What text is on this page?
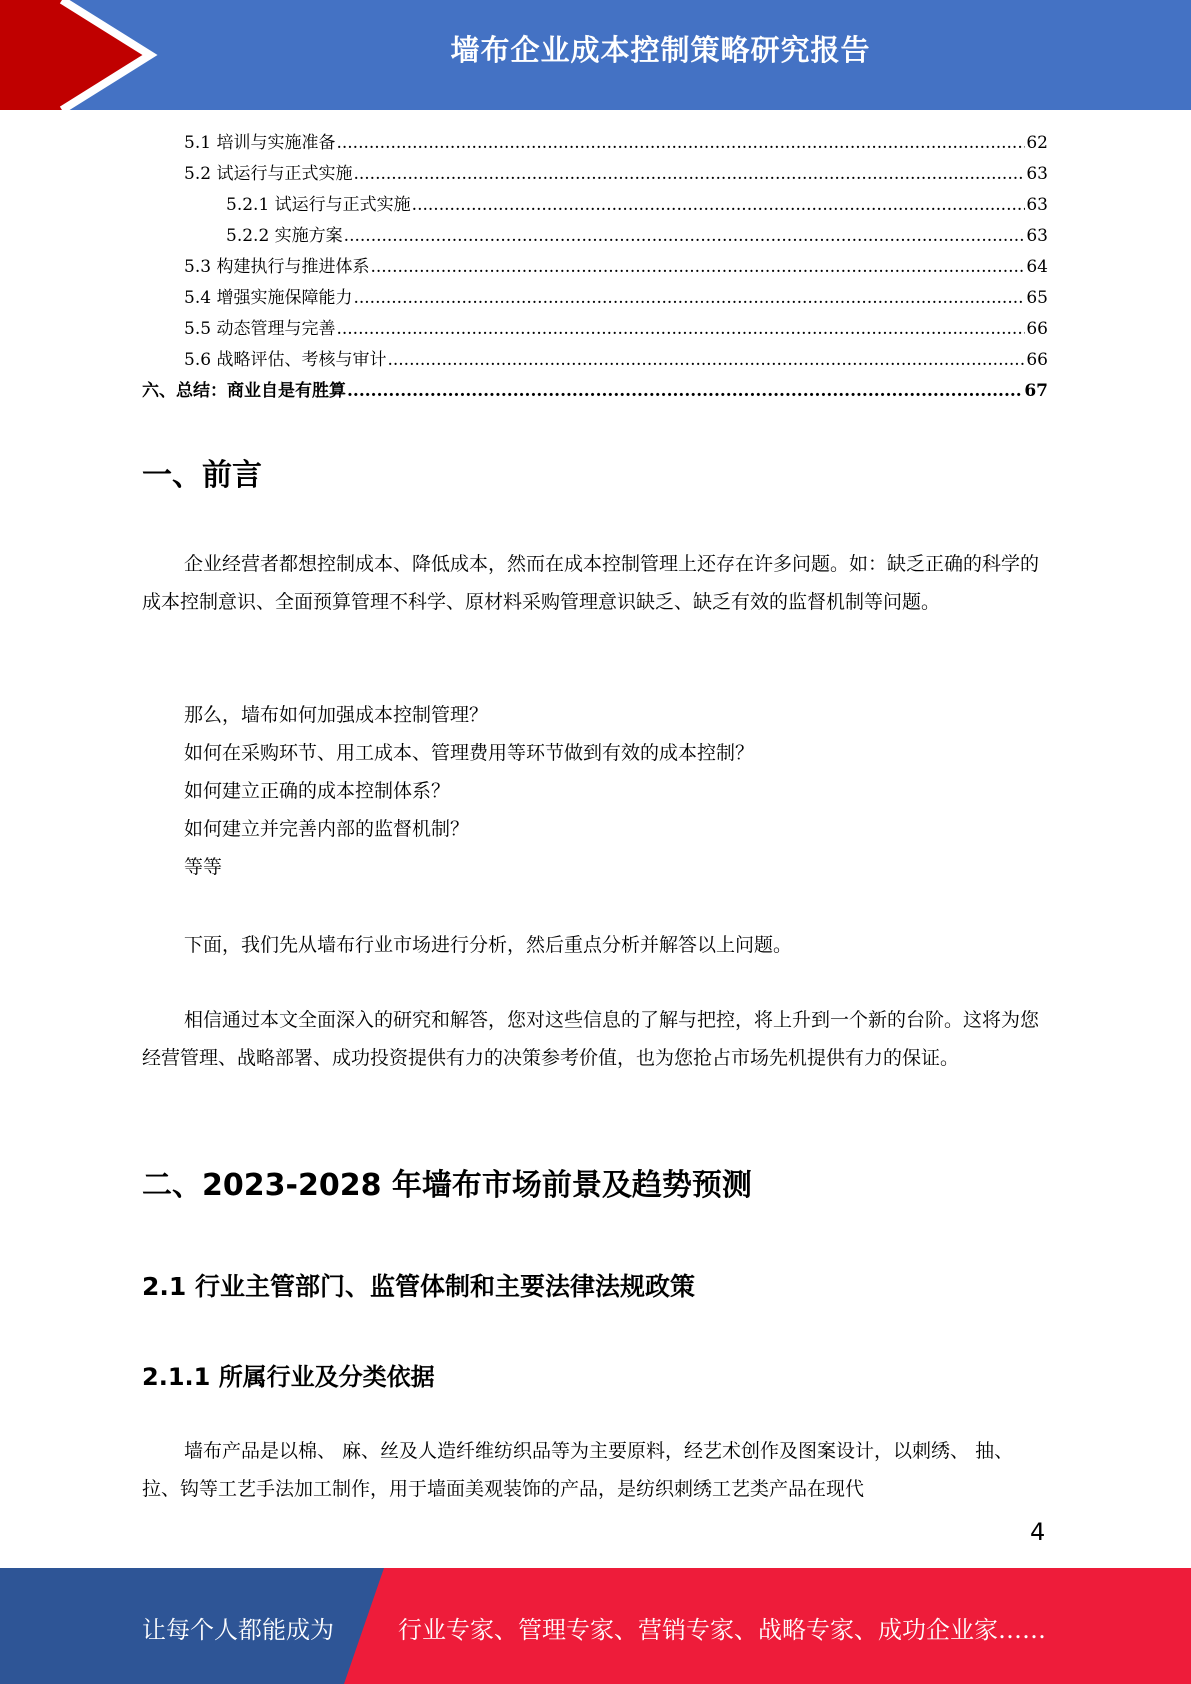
墙布企业成本控制策略研究报告
5.1 培训与实施准备 .....	62
5.2 试运行与正式实施 .....	63
5.2.1 试运行与正式实施 .....	63
5.2.2 实施方案 .....	63
5.3 构建执行与推进体系 .....	64
5.4 增强实施保障能力 .....	65
5.5 动态管理与完善 .....	66
5.6 战略评估、考核与审计 .....	66
六、总结：商业自是有胜算 .....	67
一、前言

企业经营者都想控制成本、降低成本，然而在成本控制管理上还存在许多问题。如：缺乏正确的科学的成本控制意识、全面预算管理不科学、原材料采购管理意识缺乏、缺乏有效的监督机制等问题。

那么，墙布如何加强成本控制管理？
如何在采购环节、用工成本、管理费用等环节做到有效的成本控制？
如何建立正确的成本控制体系？
如何建立并完善内部的监督机制？
等等

下面，我们先从墙布行业市场进行分析，然后重点分析并解答以上问题。

相信通过本文全面深入的研究和解答，您对这些信息的了解与把控，将上升到一个新的台阶。这将为您经营管理、战略部署、成功投资提供有力的决策参考价值，也为您抢占市场先机提供有力的保证。

二、2023-2028 年墙布市场前景及趋势预测
2.1 行业主管部门、监管体制和主要法律法规政策
2.1.1 所属行业及分类依据

墙布产品是以棉、 麻、丝及人造纤维纺织品等为主要原料，经艺术创作及图案设计，以刺绣、 抽、拉、钩等工艺手法加工制作，用于墙面美观装饰的产品，是纺织刺绣工艺类产品在现代

4
让每个人都能成为	行业专家、管理专家、营销专家、战略专家、成功企业家……
